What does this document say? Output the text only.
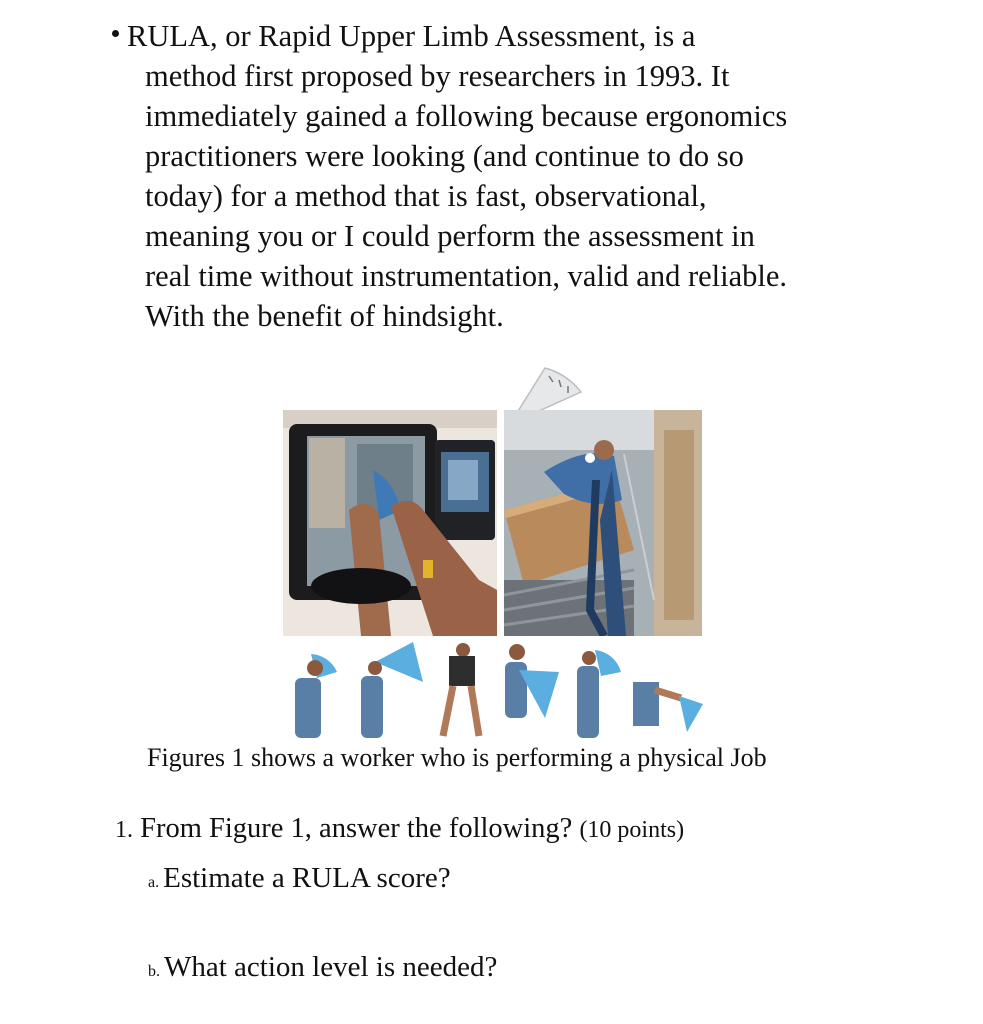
RULA, or Rapid Upper Limb Assessment, is a
method first proposed by researchers in 1993. It
immediately gained a following because ergonomics
practitioners were looking (and continue to do so
today) for a method that is fast, observational,
meaning you or I could perform the assessment in
real time without instrumentation, valid and reliable.
With the benefit of hindsight.

Figures 1 shows a worker who is performing a physical Job
1. From Figure 1, answer the following? (10 points)
a. Estimate a RULA score?
b. What action level is needed?
